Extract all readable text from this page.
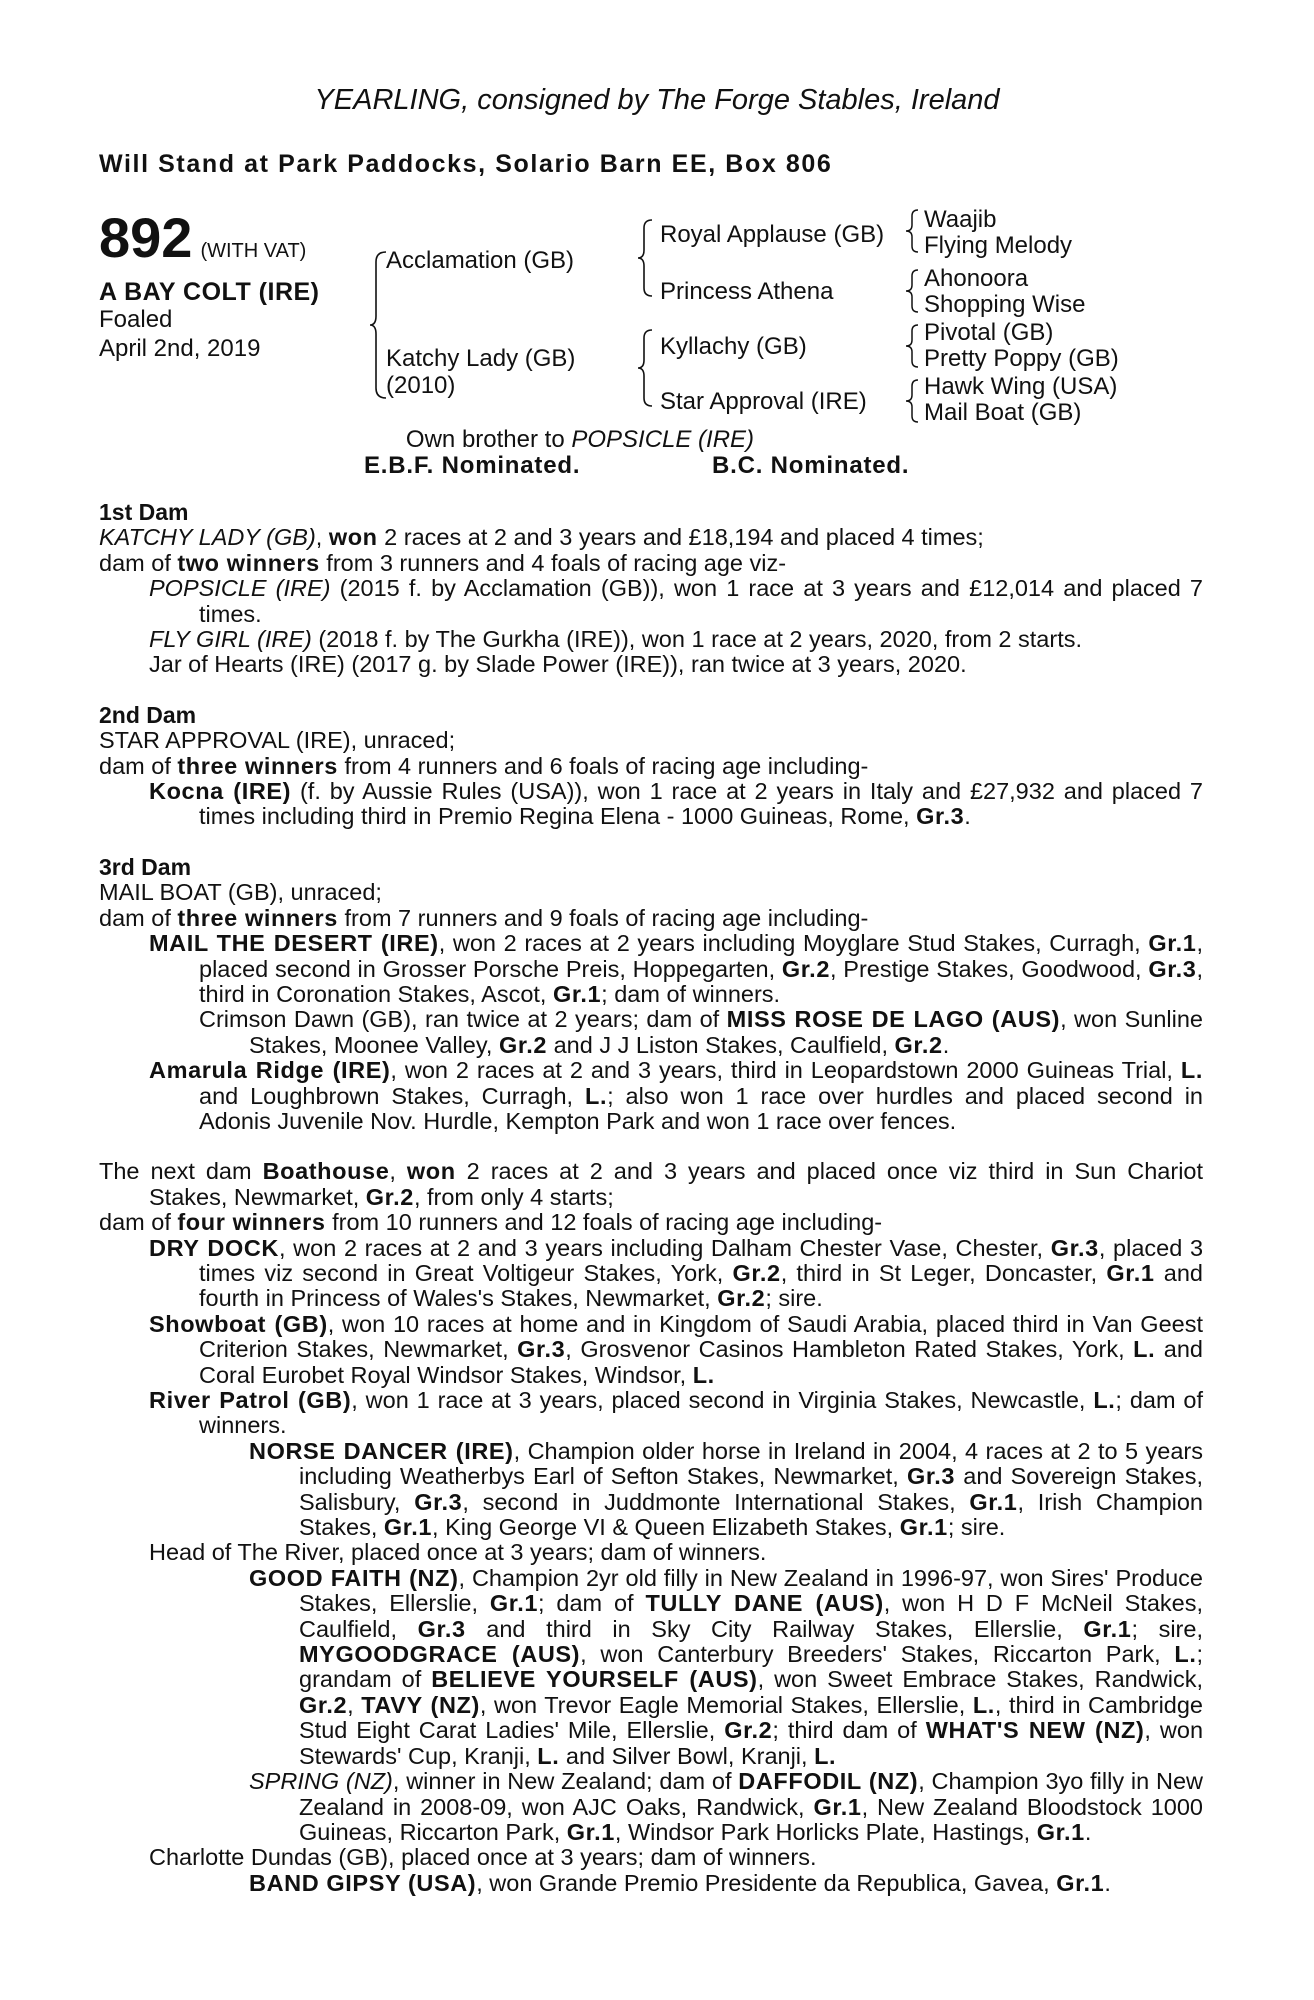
YEARLING, consigned by The Forge Stables, Ireland
Will Stand at Park Paddocks, Solario Barn EE, Box 806
892 (WITH VAT)
A BAY COLT (IRE)
Foaled
April 2nd, 2019
Acclamation (GB)
Katchy Lady (GB)
(2010)
Royal Applause (GB)
Princess Athena
Kyllachy (GB)
Star Approval (IRE)
Waajib
Flying Melody
Ahonoora
Shopping Wise
Pivotal (GB)
Pretty Poppy (GB)
Hawk Wing (USA)
Mail Boat (GB)
Own brother to POPSICLE (IRE)
E.B.F. Nominated.	B.C. Nominated.
1st Dam

KATCHY LADY (GB), won 2 races at 2 and 3 years and £18,194 and placed 4 times;

dam of two winners from 3 runners and 4 foals of racing age viz-

POPSICLE (IRE) (2015 f. by Acclamation (GB)), won 1 race at 3 years and £12,014 and placed 7 times.

FLY GIRL (IRE) (2018 f. by The Gurkha (IRE)), won 1 race at 2 years, 2020, from 2 starts.

Jar of Hearts (IRE) (2017 g. by Slade Power (IRE)), ran twice at 3 years, 2020.

2nd Dam

STAR APPROVAL (IRE), unraced;

dam of three winners from 4 runners and 6 foals of racing age including-

Kocna (IRE) (f. by Aussie Rules (USA)), won 1 race at 2 years in Italy and £27,932 and placed 7 times including third in Premio Regina Elena - 1000 Guineas, Rome, Gr.3.

3rd Dam

MAIL BOAT (GB), unraced;

dam of three winners from 7 runners and 9 foals of racing age including-

MAIL THE DESERT (IRE), won 2 races at 2 years including Moyglare Stud Stakes, Curragh, Gr.1, placed second in Grosser Porsche Preis, Hoppegarten, Gr.2, Prestige Stakes, Goodwood, Gr.3, third in Coronation Stakes, Ascot, Gr.1; dam of winners.

Crimson Dawn (GB), ran twice at 2 years; dam of MISS ROSE DE LAGO (AUS), won Sunline Stakes, Moonee Valley, Gr.2 and J J Liston Stakes, Caulfield, Gr.2.

Amarula Ridge (IRE), won 2 races at 2 and 3 years, third in Leopardstown 2000 Guineas Trial, L. and Loughbrown Stakes, Curragh, L.; also won 1 race over hurdles and placed second in Adonis Juvenile Nov. Hurdle, Kempton Park and won 1 race over fences.

The next dam Boathouse, won 2 races at 2 and 3 years and placed once viz third in Sun Chariot Stakes, Newmarket, Gr.2, from only 4 starts;

dam of four winners from 10 runners and 12 foals of racing age including-

DRY DOCK, won 2 races at 2 and 3 years including Dalham Chester Vase, Chester, Gr.3, placed 3 times viz second in Great Voltigeur Stakes, York, Gr.2, third in St Leger, Doncaster, Gr.1 and fourth in Princess of Wales's Stakes, Newmarket, Gr.2; sire.

Showboat (GB), won 10 races at home and in Kingdom of Saudi Arabia, placed third in Van Geest Criterion Stakes, Newmarket, Gr.3, Grosvenor Casinos Hambleton Rated Stakes, York, L. and Coral Eurobet Royal Windsor Stakes, Windsor, L.

River Patrol (GB), won 1 race at 3 years, placed second in Virginia Stakes, Newcastle, L.; dam of winners.

NORSE DANCER (IRE), Champion older horse in Ireland in 2004, 4 races at 2 to 5 years including Weatherbys Earl of Sefton Stakes, Newmarket, Gr.3 and Sovereign Stakes, Salisbury, Gr.3, second in Juddmonte International Stakes, Gr.1, Irish Champion Stakes, Gr.1, King George VI & Queen Elizabeth Stakes, Gr.1; sire.

Head of The River, placed once at 3 years; dam of winners.

GOOD FAITH (NZ), Champion 2yr old filly in New Zealand in 1996-97, won Sires' Produce Stakes, Ellerslie, Gr.1; dam of TULLY DANE (AUS), won H D F McNeil Stakes, Caulfield, Gr.3 and third in Sky City Railway Stakes, Ellerslie, Gr.1; sire, MYGOODGRACE (AUS), won Canterbury Breeders' Stakes, Riccarton Park, L.; grandam of BELIEVE YOURSELF (AUS), won Sweet Embrace Stakes, Randwick, Gr.2, TAVY (NZ), won Trevor Eagle Memorial Stakes, Ellerslie, L., third in Cambridge Stud Eight Carat Ladies' Mile, Ellerslie, Gr.2; third dam of WHAT'S NEW (NZ), won Stewards' Cup, Kranji, L. and Silver Bowl, Kranji, L.

SPRING (NZ), winner in New Zealand; dam of DAFFODIL (NZ), Champion 3yo filly in New Zealand in 2008-09, won AJC Oaks, Randwick, Gr.1, New Zealand Bloodstock 1000 Guineas, Riccarton Park, Gr.1, Windsor Park Horlicks Plate, Hastings, Gr.1.

Charlotte Dundas (GB), placed once at 3 years; dam of winners.

BAND GIPSY (USA), won Grande Premio Presidente da Republica, Gavea, Gr.1.
